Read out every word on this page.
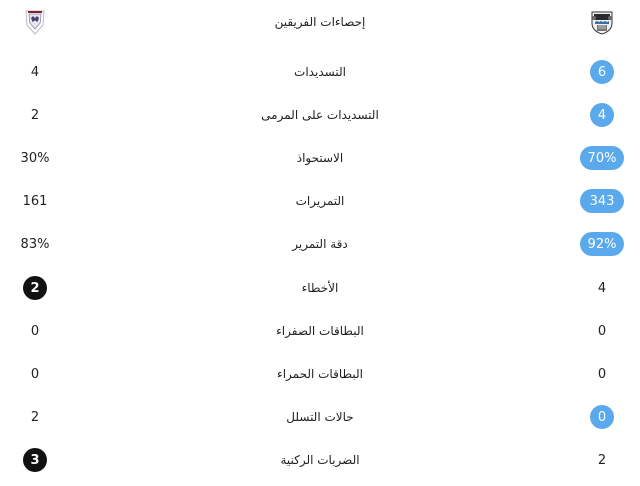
إحصاءات الفريقين
4	التسديدات	6
2	التسديدات على المرمى	4
30%	الاستحواذ	70%
161	التمريرات	343
83%	دقة التمرير	92%
2	الأخطاء	4
0	البطاقات الصفراء	0
0	البطاقات الحمراء	0
2	حالات التسلل	0
3	الضربات الركنية	2
